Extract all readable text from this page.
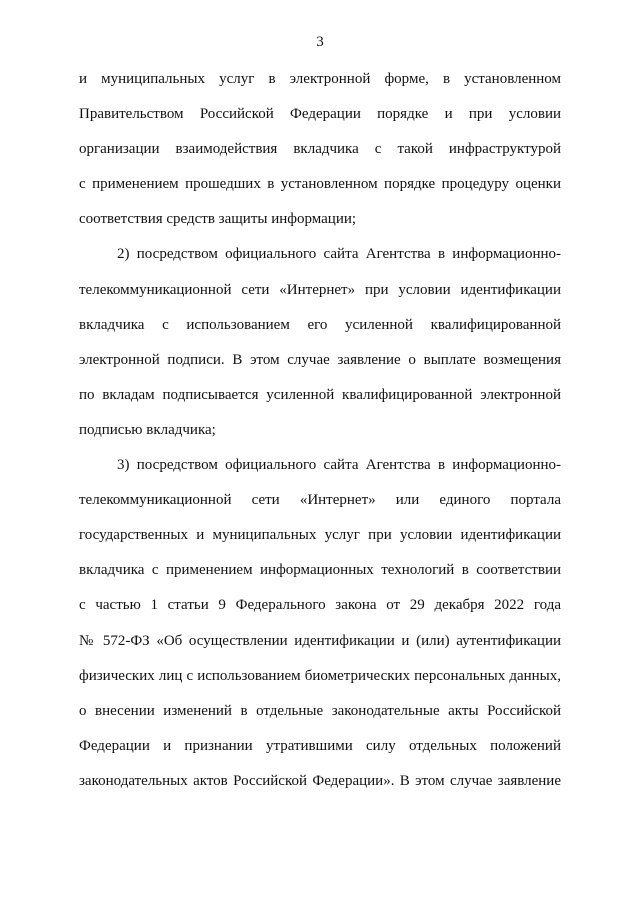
3
и муниципальных услуг в электронной форме, в установленном
Правительством Российской Федерации порядке и при условии
организации взаимодействия вкладчика с такой инфраструктурой
с применением прошедших в установленном порядке процедуру оценки
соответствия средств защиты информации;
2) посредством официального сайта Агентства в информационно-
телекоммуникационной сети «Интернет» при условии идентификации
вкладчика с использованием его усиленной квалифицированной
электронной подписи. В этом случае заявление о выплате возмещения
по вкладам подписывается усиленной квалифицированной электронной
подписью вкладчика;
3) посредством официального сайта Агентства в информационно-
телекоммуникационной сети «Интернет» или единого портала
государственных и муниципальных услуг при условии идентификации
вкладчика с применением информационных технологий в соответствии
с частью 1 статьи 9 Федерального закона от 29 декабря 2022 года
№ 572-ФЗ «Об осуществлении идентификации и (или) аутентификации
физических лиц с использованием биометрических персональных данных,
о внесении изменений в отдельные законодательные акты Российской
Федерации и признании утратившими силу отдельных положений
законодательных актов Российской Федерации». В этом случае заявление
